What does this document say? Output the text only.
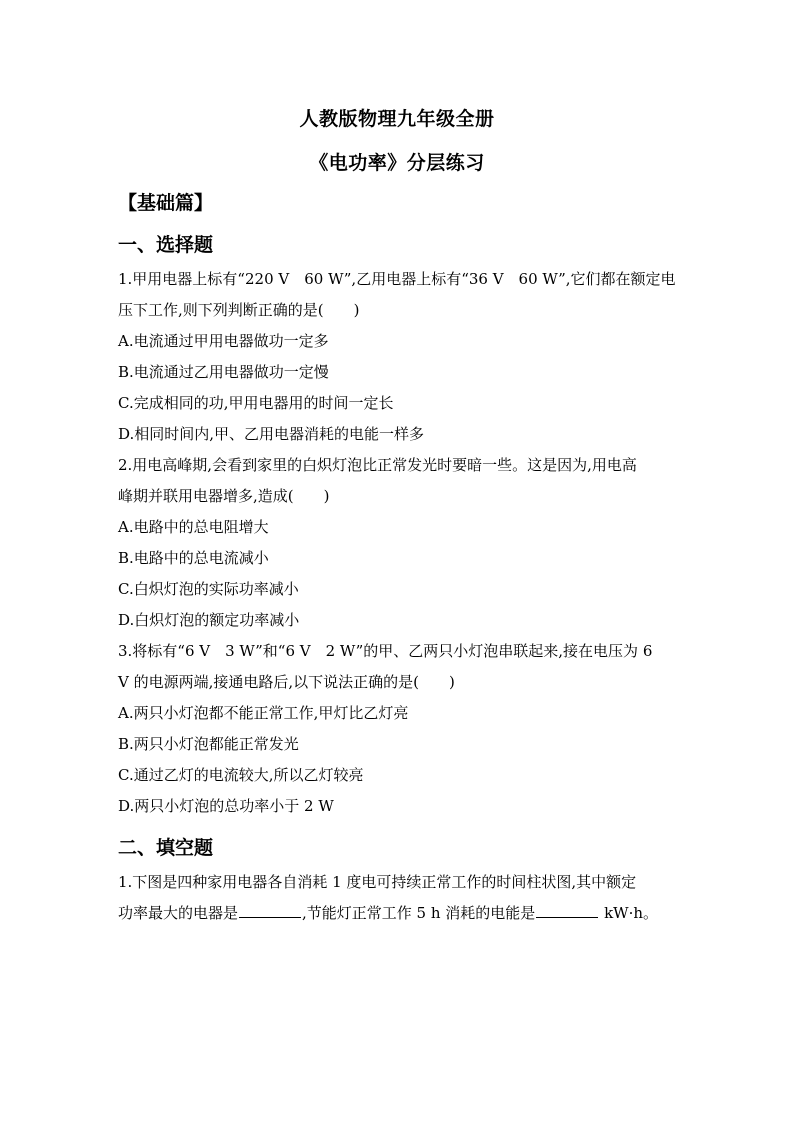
人教版物理九年级全册
《电功率》分层练习
【基础篇】
一、选择题
1.甲用电器上标有“220 V　60 W”,乙用电器上标有“36 V　60 W”,它们都在额定电
压下工作,则下列判断正确的是(　　)
A.电流通过甲用电器做功一定多
B.电流通过乙用电器做功一定慢
C.完成相同的功,甲用电器用的时间一定长
D.相同时间内,甲、乙用电器消耗的电能一样多
2.用电高峰期,会看到家里的白炽灯泡比正常发光时要暗一些。这是因为,用电高
峰期并联用电器增多,造成(　　)
A.电路中的总电阻增大
B.电路中的总电流减小
C.白炽灯泡的实际功率减小
D.白炽灯泡的额定功率减小
3.将标有“6 V　3 W”和“6 V　2 W”的甲、乙两只小灯泡串联起来,接在电压为 6
V 的电源两端,接通电路后,以下说法正确的是(　　)
A.两只小灯泡都不能正常工作,甲灯比乙灯亮
B.两只小灯泡都能正常发光
C.通过乙灯的电流较大,所以乙灯较亮
D.两只小灯泡的总功率小于 2 W
二、填空题
1.下图是四种家用电器各自消耗 1 度电可持续正常工作的时间柱状图,其中额定
功率最大的电器是	,节能灯正常工作 5 h 消耗的电能是	kW·h。
